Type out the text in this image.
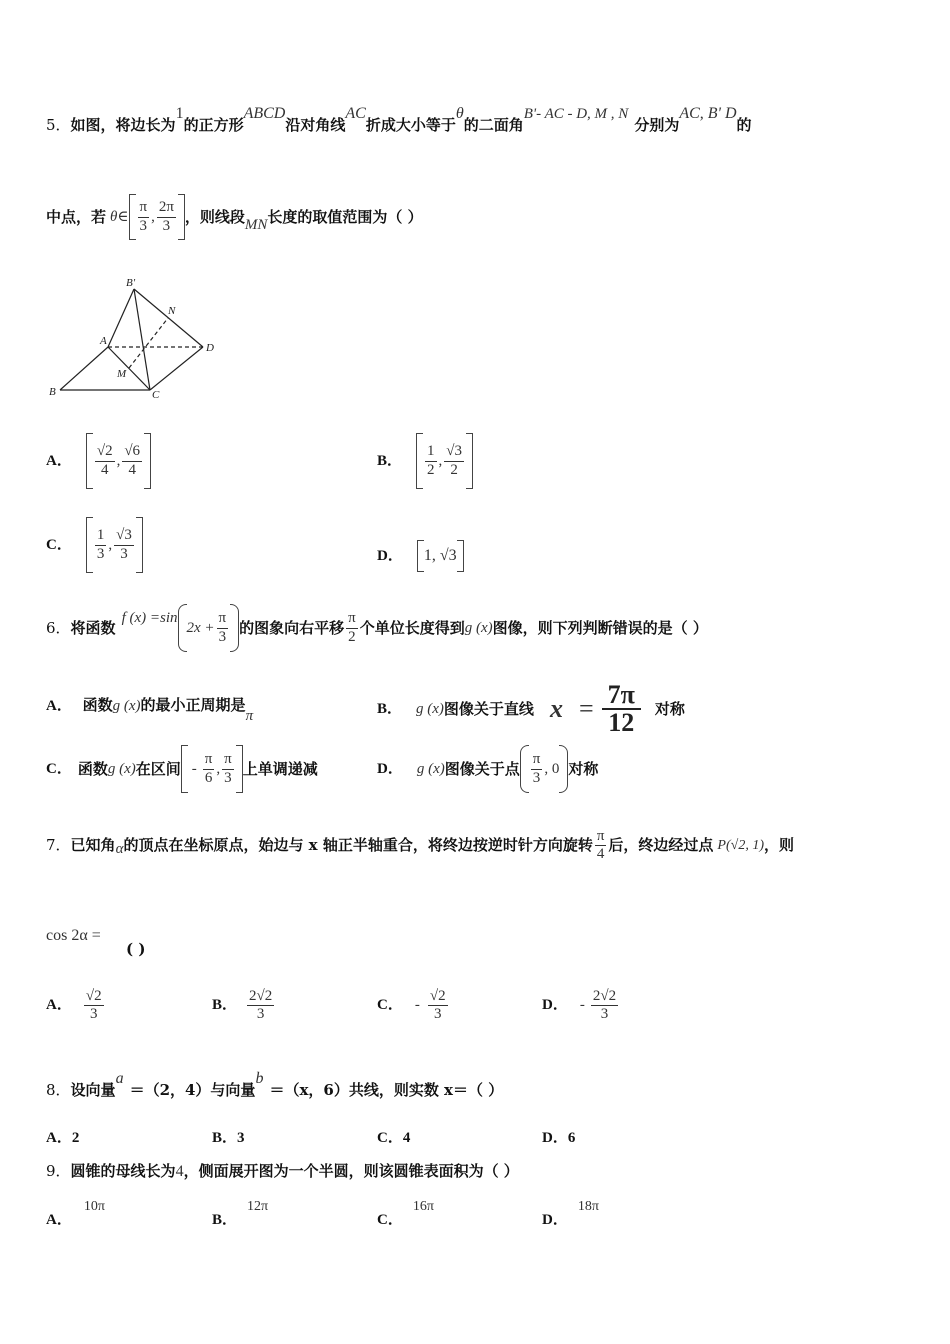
5．如图，将边长为1的正方形ABCD沿对角线AC折成大小等于θ的二面角B'- AC - D, M , N分别为AC, B' D的
中点，若 θ∈ $\frac{\pi}{3}$ , $\frac{2\pi}{3}$ ，则线段 MN 长度的取值范围为（ ）
B'
N
A
D
M
B	C
A． $\frac{√2}{4}$ , $\frac{√6}{4}$	B． $\frac{1}{2}$ , $\frac{√3}{2}$
C． $\frac{1}{3}$ , $\frac{√3}{3}$	D． 1, √3
6． 将函数
f (x) =sin
$2x + \frac{\pi}{3}$ 的图象向右平移 $\frac{\pi}{2}$ 个单位长度得到 g (x) 图像，则下列判断错误的是（ ）
A． 函数g (x)的最小正周期是π	B． g (x) 图像关于直线 $x = \frac{7\pi}{12}$ 对称
C． 函数 g (x) 在区间 - $\frac{\pi}{6}$ , $\frac{\pi}{3}$ 上单调递减	D． g (x) 图像关于点 $\frac{\pi}{3}$ , 0 对称
7． 已知角 α 的顶点在坐标原点，始边与 x 轴正半轴重合，将终边按逆时针方向旋转 $\frac{\pi}{4}$ 后，终边经过点 P(√2, 1) ，则
cos 2α =
( )
A． $\frac{√2}{3}$	B． $\frac{2√2}{3}$	C． - $\frac{√2}{3}$	D． - $\frac{2√2}{3}$
8．设向量a＝（2，4）与向量b＝（x，6）共线，则实数 x＝（ ）
A．2	B．3	C．4	D．6
9．圆锥的母线长为4，侧面展开图为一个半圆，则该圆锥表面积为（ ）
A．10π
B．12π
C．16π
D．18π
